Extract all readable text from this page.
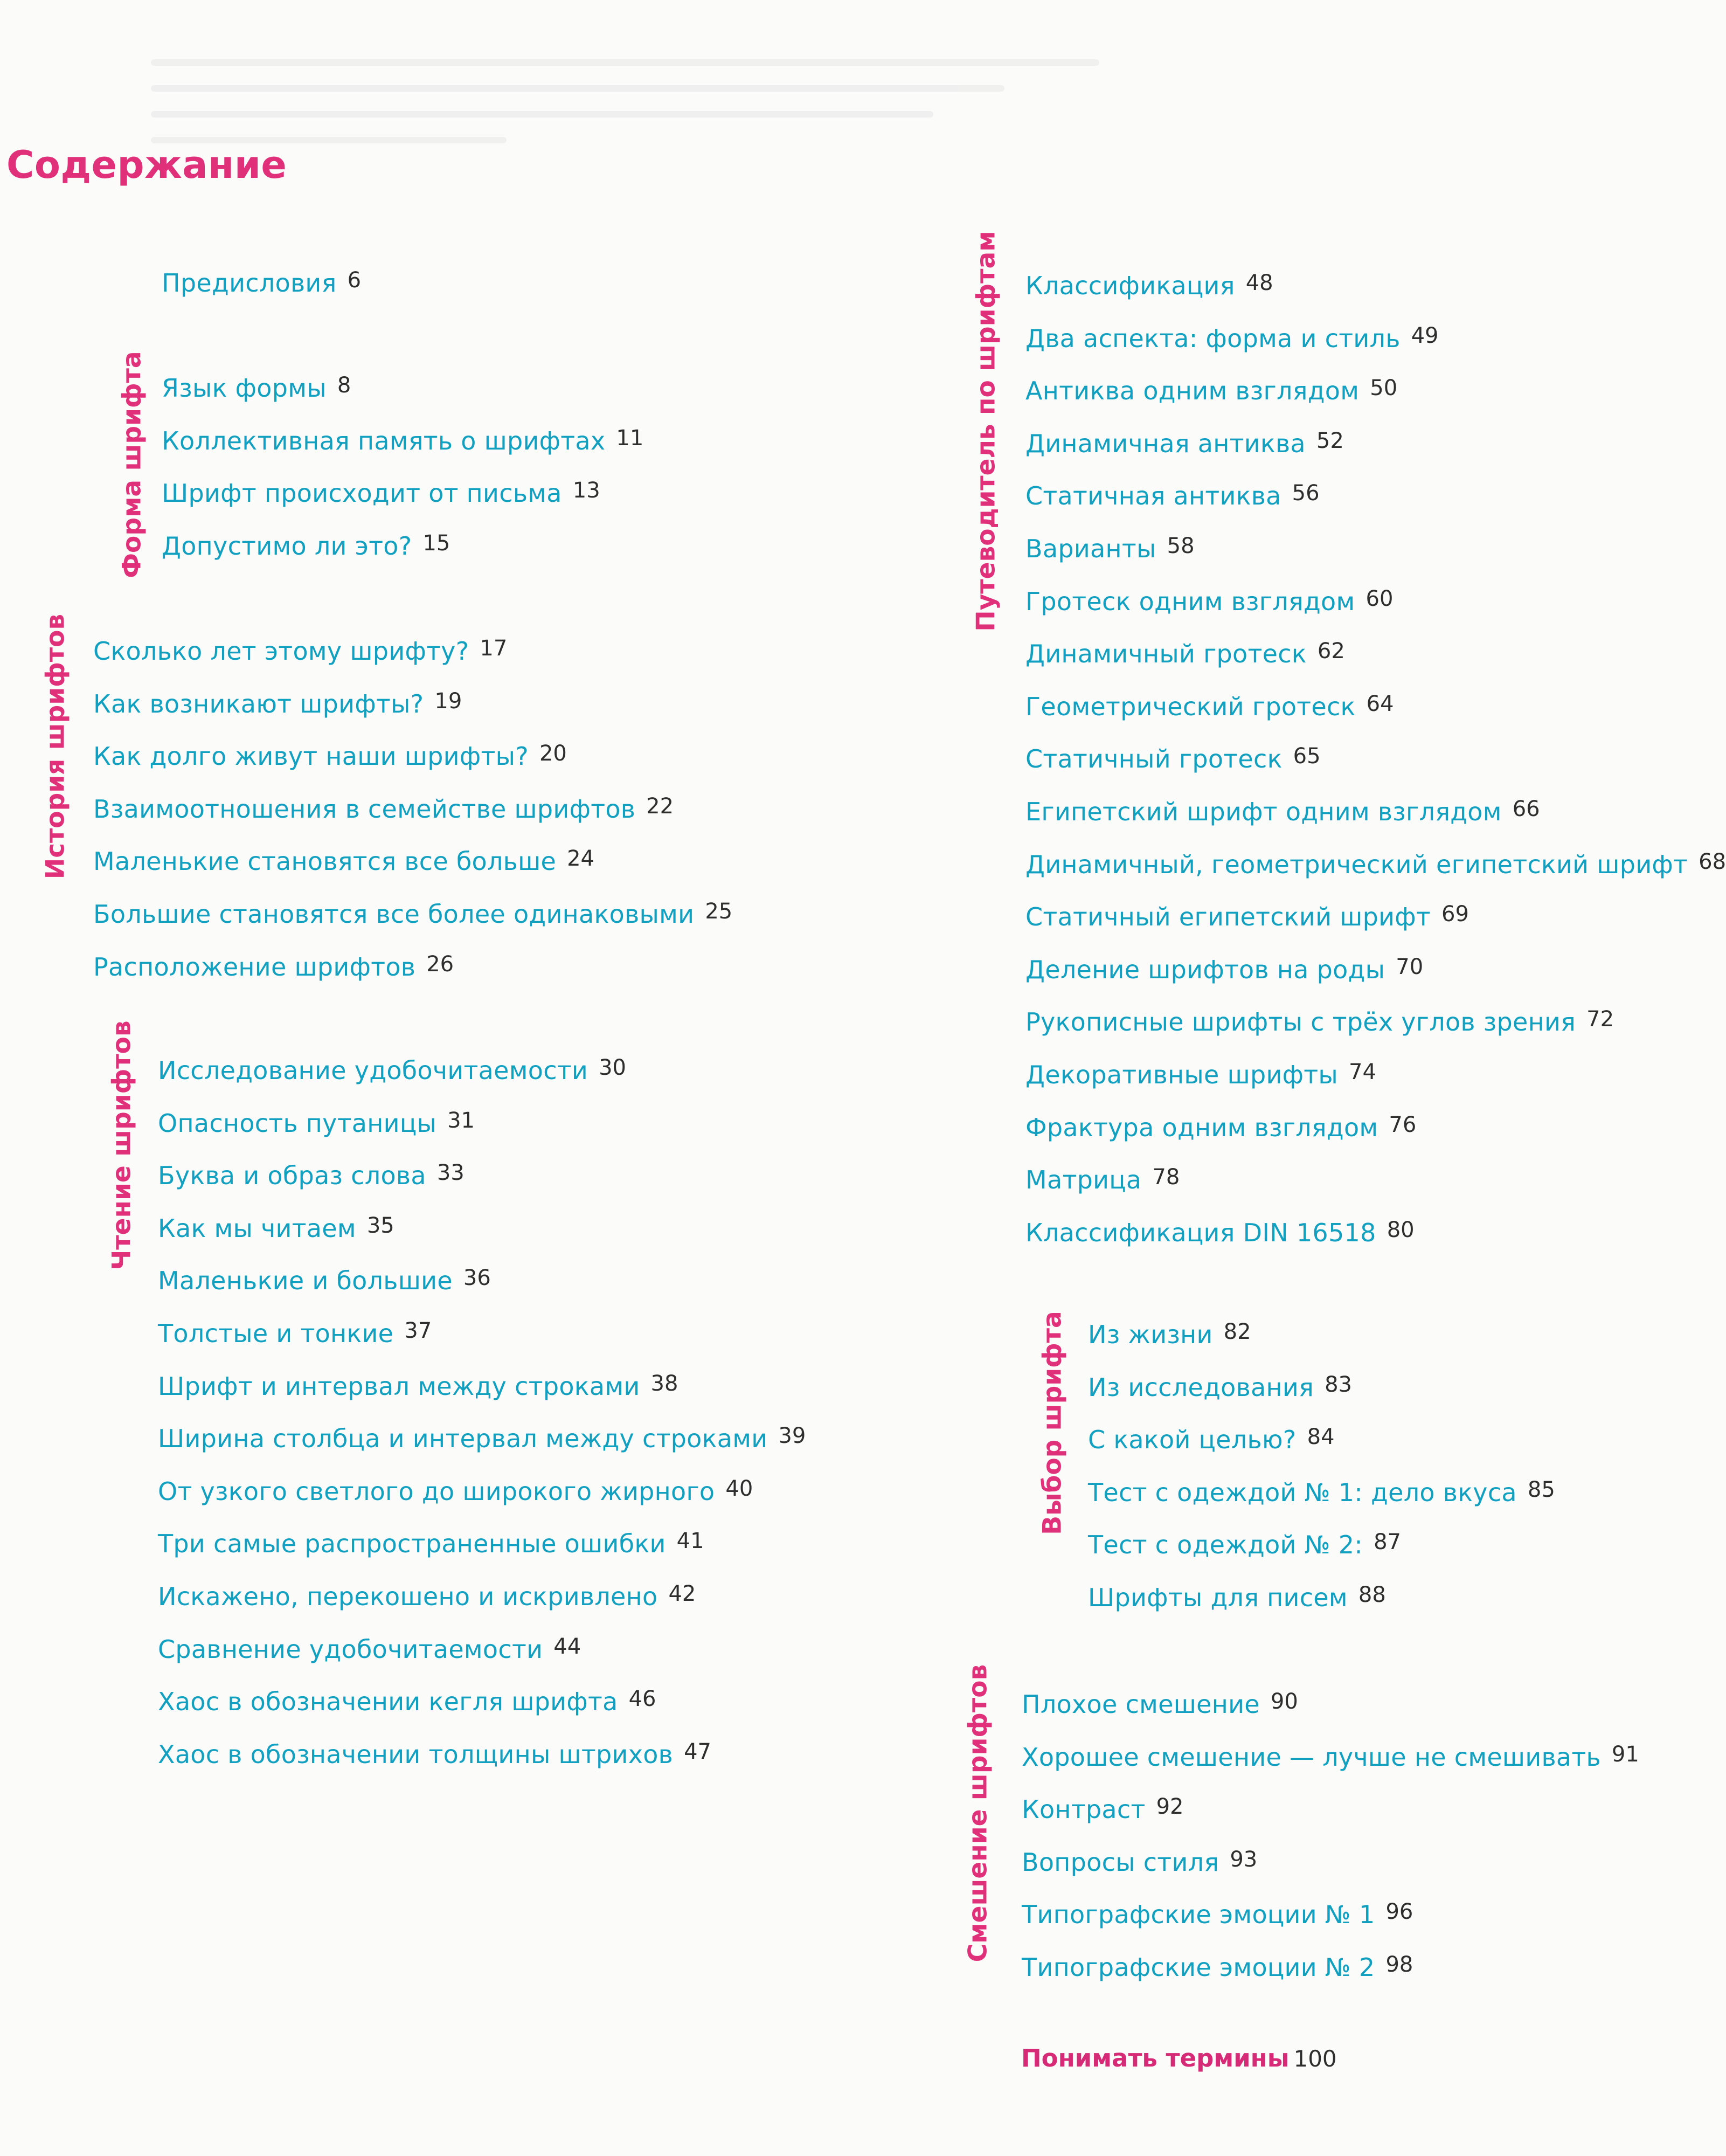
Содержание
Предисловия 6
Форма шрифта Язык формы 8
Коллективная память о шрифтах 11
Шрифт происходит от письма 13
Допустимо ли это? 15
История шрифтов Сколько лет этому шрифту? 17
Как возникают шрифты? 19
Как долго живут наши шрифты? 20
Взаимоотношения в семействе шрифтов 22
Маленькие становятся все больше 24
Большие становятся все более одинаковыми 25
Расположение шрифтов 26
Чтение шрифтов Исследование удобочитаемости 30
Опасность путаницы 31
Буква и образ слова 33
Как мы читаем 35
Маленькие и большие 36
Толстые и тонкие 37
Шрифт и интервал между строками 38
Ширина столбца и интервал между строками 39
От узкого светлого до широкого жирного 40
Три самые распространенные ошибки 41
Искажено, перекошено и искривлено 42
Сравнение удобочитаемости 44
Хаос в обозначении кегля шрифта 46
Хаос в обозначении толщины штрихов 47
Путеводитель по шрифтам Классификация 48
Два аспекта: форма и стиль 49
Антиква одним взглядом 50
Динамичная антиква 52
Статичная антиква 56
Варианты 58
Гротеск одним взглядом 60
Динамичный гротеск 62
Геометрический гротеск 64
Статичный гротеск 65
Египетский шрифт одним взглядом 66
Динамичный, геометрический египетский шрифт 68
Статичный египетский шрифт 69
Деление шрифтов на роды 70
Рукописные шрифты с трёх углов зрения 72
Декоративные шрифты 74
Фрактура одним взглядом 76
Матрица 78
Классификация DIN 16518 80
Выбор шрифта Из жизни 82
Из исследования 83
С какой целью? 84
Тест с одеждой № 1: дело вкуса 85
Тест с одеждой № 2: 87
Шрифты для писем 88
Смешение шрифтов Плохое смешение 90
Хорошее смешение — лучше не смешивать 91
Контраст 92
Вопросы стиля 93
Типографские эмоции № 1 96
Типографские эмоции № 2 98
Понимать термины 100
